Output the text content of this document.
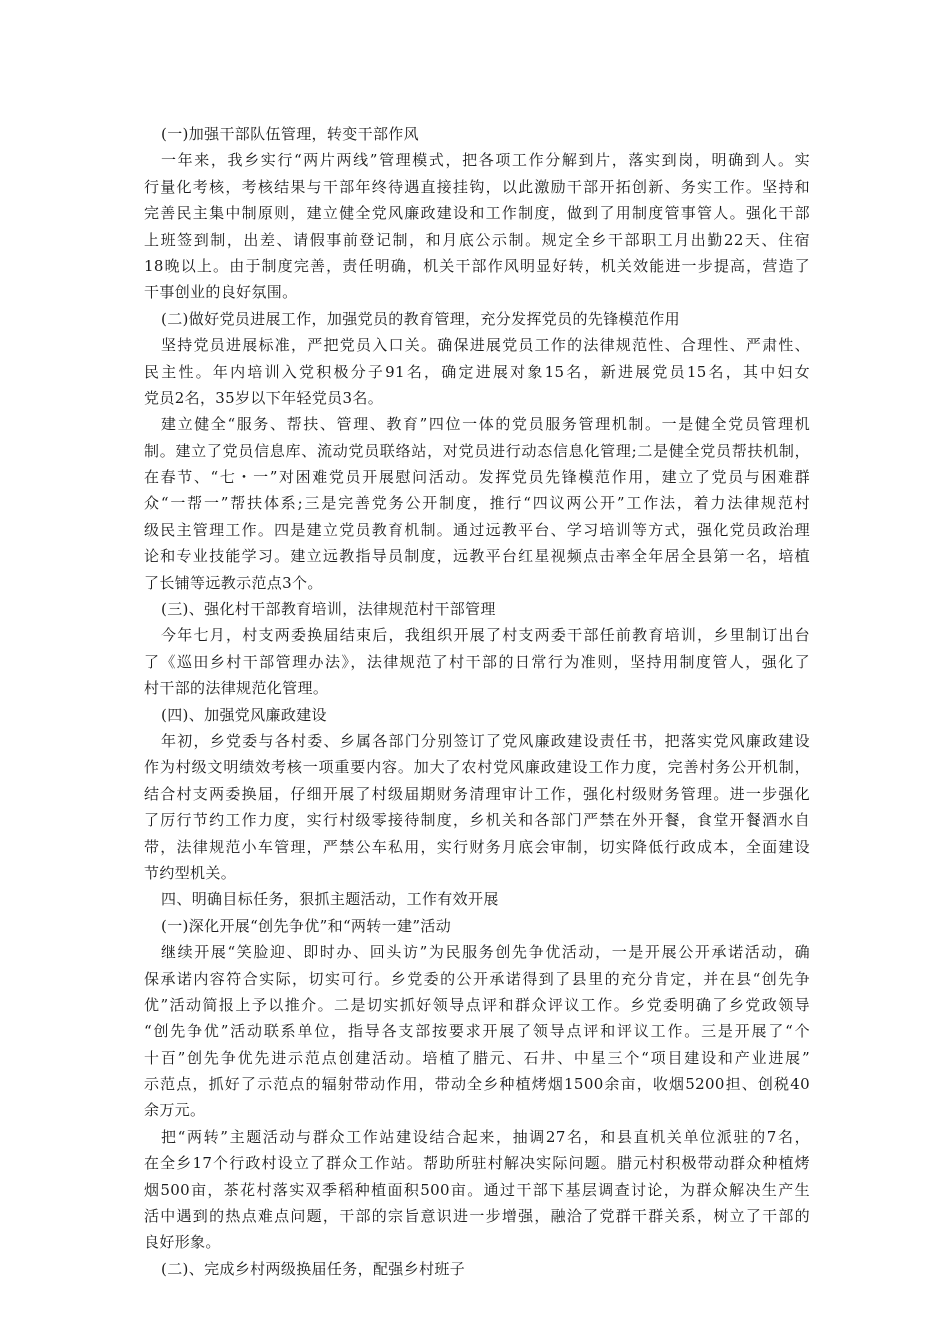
(一)加强干部队伍管理，转变干部作风
一年来，我乡实行“两片两线”管理模式，把各项工作分解到片，落实到岗，明确到人。实
行量化考核，考核结果与干部年终待遇直接挂钩，以此激励干部开拓创新、务实工作。坚持和
完善民主集中制原则，建立健全党风廉政建设和工作制度，做到了用制度管事管人。强化干部
上班签到制，出差、请假事前登记制，和月底公示制。规定全乡干部职工月出勤22天、住宿
18晚以上。由于制度完善，责任明确，机关干部作风明显好转，机关效能进一步提高，营造了
干事创业的良好氛围。
(二)做好党员进展工作，加强党员的教育管理，充分发挥党员的先锋模范作用
坚持党员进展标准，严把党员入口关。确保进展党员工作的法律规范性、合理性、严肃性、
民主性。年内培训入党积极分子91名，确定进展对象15名，新进展党员15名，其中妇女
党员2名，35岁以下年轻党员3名。
建立健全“服务、帮扶、管理、教育”四位一体的党员服务管理机制。一是健全党员管理机
制。建立了党员信息库、流动党员联络站，对党员进行动态信息化管理;二是健全党员帮扶机制，
在春节、“七・一”对困难党员开展慰问活动。发挥党员先锋模范作用，建立了党员与困难群
众“一帮一”帮扶体系;三是完善党务公开制度，推行“四议两公开”工作法，着力法律规范村
级民主管理工作。四是建立党员教育机制。通过远教平台、学习培训等方式，强化党员政治理
论和专业技能学习。建立远教指导员制度，远教平台红星视频点击率全年居全县第一名，培植
了长铺等远教示范点3个。
(三)、强化村干部教育培训，法律规范村干部管理
今年七月，村支两委换届结束后，我组织开展了村支两委干部任前教育培训，乡里制订出台
了《巡田乡村干部管理办法》，法律规范了村干部的日常行为准则，坚持用制度管人，强化了
村干部的法律规范化管理。
(四)、加强党风廉政建设
年初，乡党委与各村委、乡属各部门分别签订了党风廉政建设责任书，把落实党风廉政建设
作为村级文明绩效考核一项重要内容。加大了农村党风廉政建设工作力度，完善村务公开机制，
结合村支两委换届，仔细开展了村级届期财务清理审计工作，强化村级财务管理。进一步强化
了厉行节约工作力度，实行村级零接待制度，乡机关和各部门严禁在外开餐，食堂开餐酒水自
带，法律规范小车管理，严禁公车私用，实行财务月底会审制，切实降低行政成本，全面建设
节约型机关。
四、明确目标任务，狠抓主题活动，工作有效开展
(一)深化开展“创先争优”和“两转一建”活动
继续开展“笑脸迎、即时办、回头访”为民服务创先争优活动，一是开展公开承诺活动，确
保承诺内容符合实际，切实可行。乡党委的公开承诺得到了县里的充分肯定，并在县“创先争
优”活动简报上予以推介。二是切实抓好领导点评和群众评议工作。乡党委明确了乡党政领导
“创先争优”活动联系单位，指导各支部按要求开展了领导点评和评议工作。三是开展了“个
十百”创先争优先进示范点创建活动。培植了腊元、石井、中星三个“项目建设和产业进展”
示范点，抓好了示范点的辐射带动作用，带动全乡种植烤烟1500余亩，收烟5200担、创税40
余万元。
把“两转”主题活动与群众工作站建设结合起来，抽调27名，和县直机关单位派驻的7名，
在全乡17个行政村设立了群众工作站。帮助所驻村解决实际问题。腊元村积极带动群众种植烤
烟500亩，茶花村落实双季稻种植面积500亩。通过干部下基层调查讨论，为群众解决生产生
活中遇到的热点难点问题，干部的宗旨意识进一步增强，融洽了党群干群关系，树立了干部的
良好形象。
(二)、完成乡村两级换届任务，配强乡村班子
